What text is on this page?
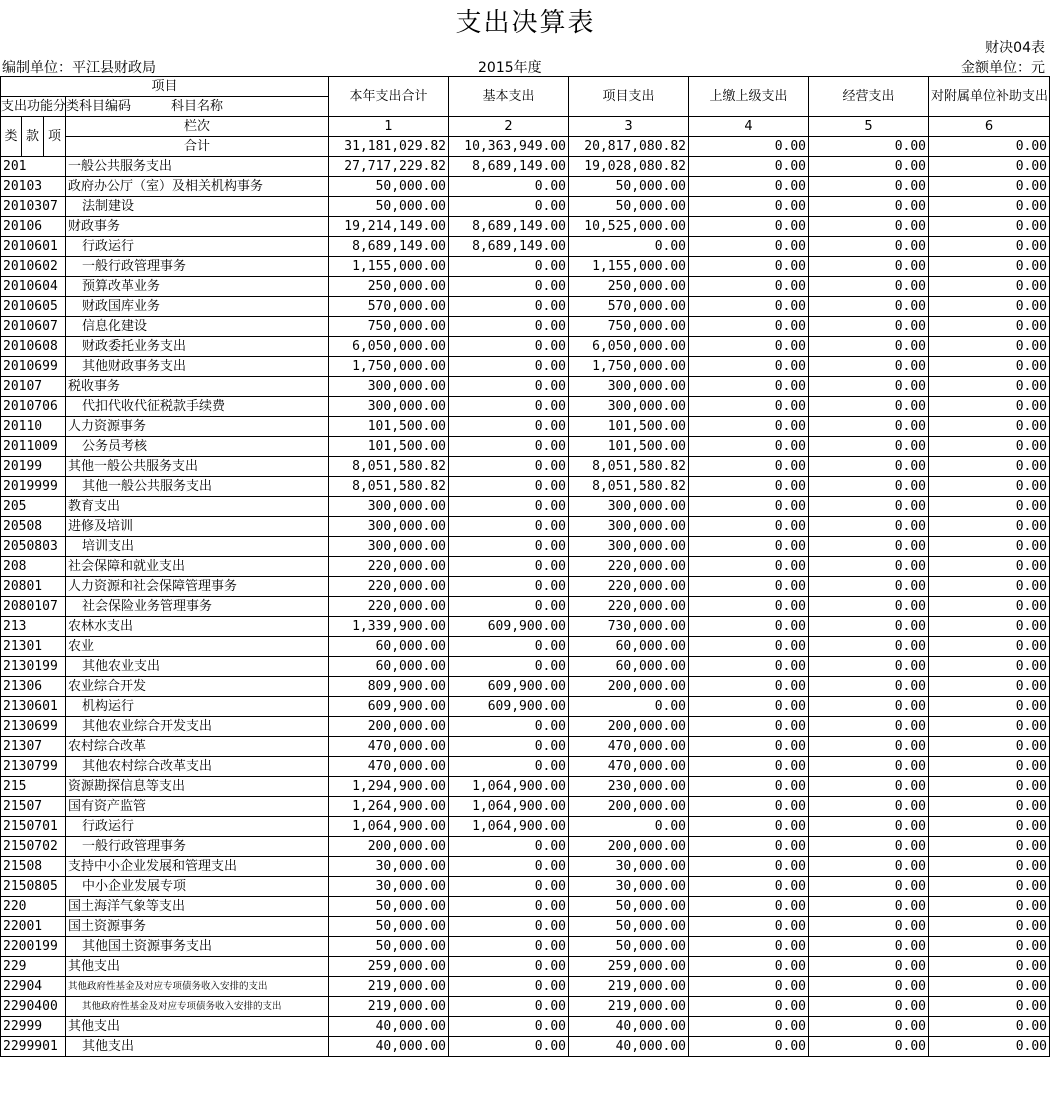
支出决算表
财决04表
编制单位：平江县财政局	2015年度	金额单位：元
项目				本年支出合计	基本支出	项目支出	上缴上级支出	经营支出	对附属单位补助支出
支出功能分类科目编码			科目名称						
类	款	项	栏次	1	2	3	4	5	6
			合计	31,181,029.82	10,363,949.00	20,817,080.82	0.00	0.00	0.00
201			一般公共服务支出	27,717,229.82	8,689,149.00	19,028,080.82	0.00	0.00	0.00
20103			政府办公厅（室）及相关机构事务	50,000.00	0.00	50,000.00	0.00	0.00	0.00
2010307			法制建设	50,000.00	0.00	50,000.00	0.00	0.00	0.00
20106			财政事务	19,214,149.00	8,689,149.00	10,525,000.00	0.00	0.00	0.00
2010601			行政运行	8,689,149.00	8,689,149.00	0.00	0.00	0.00	0.00
2010602			一般行政管理事务	1,155,000.00	0.00	1,155,000.00	0.00	0.00	0.00
2010604			预算改革业务	250,000.00	0.00	250,000.00	0.00	0.00	0.00
2010605			财政国库业务	570,000.00	0.00	570,000.00	0.00	0.00	0.00
2010607			信息化建设	750,000.00	0.00	750,000.00	0.00	0.00	0.00
2010608			财政委托业务支出	6,050,000.00	0.00	6,050,000.00	0.00	0.00	0.00
2010699			其他财政事务支出	1,750,000.00	0.00	1,750,000.00	0.00	0.00	0.00
20107			税收事务	300,000.00	0.00	300,000.00	0.00	0.00	0.00
2010706			代扣代收代征税款手续费	300,000.00	0.00	300,000.00	0.00	0.00	0.00
20110			人力资源事务	101,500.00	0.00	101,500.00	0.00	0.00	0.00
2011009			公务员考核	101,500.00	0.00	101,500.00	0.00	0.00	0.00
20199			其他一般公共服务支出	8,051,580.82	0.00	8,051,580.82	0.00	0.00	0.00
2019999			其他一般公共服务支出	8,051,580.82	0.00	8,051,580.82	0.00	0.00	0.00
205			教育支出	300,000.00	0.00	300,000.00	0.00	0.00	0.00
20508			进修及培训	300,000.00	0.00	300,000.00	0.00	0.00	0.00
2050803			培训支出	300,000.00	0.00	300,000.00	0.00	0.00	0.00
208			社会保障和就业支出	220,000.00	0.00	220,000.00	0.00	0.00	0.00
20801			人力资源和社会保障管理事务	220,000.00	0.00	220,000.00	0.00	0.00	0.00
2080107			社会保险业务管理事务	220,000.00	0.00	220,000.00	0.00	0.00	0.00
213			农林水支出	1,339,900.00	609,900.00	730,000.00	0.00	0.00	0.00
21301			农业	60,000.00	0.00	60,000.00	0.00	0.00	0.00
2130199			其他农业支出	60,000.00	0.00	60,000.00	0.00	0.00	0.00
21306			农业综合开发	809,900.00	609,900.00	200,000.00	0.00	0.00	0.00
2130601			机构运行	609,900.00	609,900.00	0.00	0.00	0.00	0.00
2130699			其他农业综合开发支出	200,000.00	0.00	200,000.00	0.00	0.00	0.00
21307			农村综合改革	470,000.00	0.00	470,000.00	0.00	0.00	0.00
2130799			其他农村综合改革支出	470,000.00	0.00	470,000.00	0.00	0.00	0.00
215			资源勘探信息等支出	1,294,900.00	1,064,900.00	230,000.00	0.00	0.00	0.00
21507			国有资产监管	1,264,900.00	1,064,900.00	200,000.00	0.00	0.00	0.00
2150701			行政运行	1,064,900.00	1,064,900.00	0.00	0.00	0.00	0.00
2150702			一般行政管理事务	200,000.00	0.00	200,000.00	0.00	0.00	0.00
21508			支持中小企业发展和管理支出	30,000.00	0.00	30,000.00	0.00	0.00	0.00
2150805			中小企业发展专项	30,000.00	0.00	30,000.00	0.00	0.00	0.00
220			国土海洋气象等支出	50,000.00	0.00	50,000.00	0.00	0.00	0.00
22001			国土资源事务	50,000.00	0.00	50,000.00	0.00	0.00	0.00
2200199			其他国土资源事务支出	50,000.00	0.00	50,000.00	0.00	0.00	0.00
229			其他支出	259,000.00	0.00	259,000.00	0.00	0.00	0.00
22904			其他政府性基金及对应专项债务收入安排的支出	219,000.00	0.00	219,000.00	0.00	0.00	0.00
2290400			其他政府性基金及对应专项债务收入安排的支出	219,000.00	0.00	219,000.00	0.00	0.00	0.00
22999			其他支出	40,000.00	0.00	40,000.00	0.00	0.00	0.00
2299901			其他支出	40,000.00	0.00	40,000.00	0.00	0.00	0.00
